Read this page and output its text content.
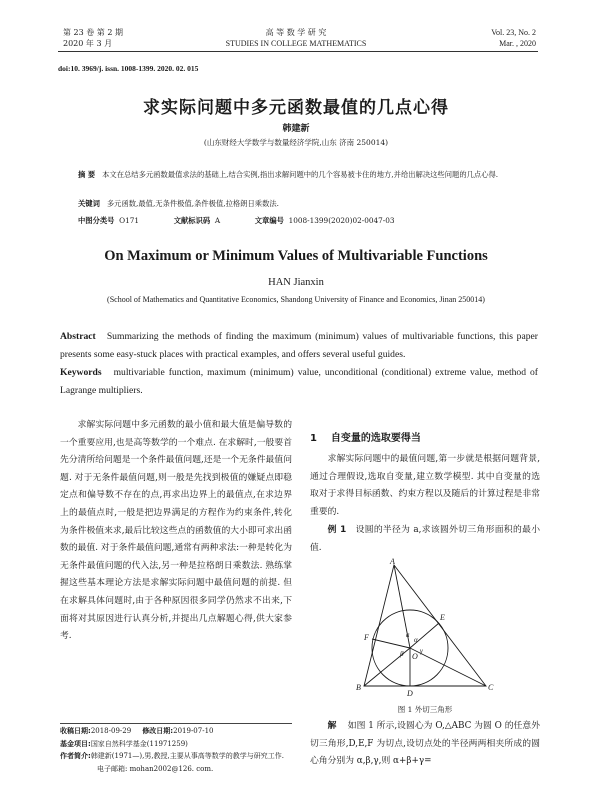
第 23 卷 第 2 期
2020 年 3 月
高 等 数 学 研 究
STUDIES IN COLLEGE MATHEMATICS
Vol. 23, No. 2
Mar. , 2020
doi:10. 3969/j. issn. 1008-1399. 2020. 02. 015
求实际问题中多元函数最值的几点心得
韩建新
(山东财经大学数学与数量经济学院,山东 济南 250014)
摘 要 本文在总结多元函数最值求法的基础上,结合实例,指出求解问题中的几个容易被卡住的地方,并给出解决这些问题的几点心得.
关键词 多元函数,最值,无条件极值,条件极值,拉格朗日乘数法.
中图分类号 O171	文献标识码 A	文章编号 1008-1399(2020)02-0047-03
On Maximum or Minimum Values of Multivariable Functions
HAN Jianxin
(School of Mathematics and Quantitative Economics, Shandong University of Finance and Economics, Jinan 250014)
Abstract Summarizing the methods of finding the maximum (minimum) values of multivariable functions, this paper presents some easy-stuck places with practical examples, and offers several useful guides.
Keywords multivariable function, maximum (minimum) value, unconditional (conditional) extreme value, method of Lagrange multipliers.
求解实际问题中多元函数的最小值和最大值是偏导数的一个重要应用,也是高等数学的一个难点. 在求解时,一般要首先分清所给问题是一个条件最值问题,还是一个无条件最值问题. 对于无条件最值问题,则一般是先找到极值的嫌疑点即稳定点和偏导数不存在的点,再求出边界上的最值点,在求边界上的最值点时,一般是把边界满足的方程作为约束条件,转化为条件极值来求,最后比较这些点的函数值的大小即可求出函数的最值. 对于条件最值问题,通常有两种求法:一种是转化为无条件最值问题的代入法,另一种是拉格朗日乘数法. 熟练掌握这些基本理论方法是求解实际问题中最值问题的前提. 但在求解具体问题时,由于各种原因很多同学仍然求不出来,下面将对其原因进行认真分析,并提出几点解题心得,供大家参考.
收稿日期:2018-09-29 修改日期:2019-07-10
基金项目:国家自然科学基金(11971259)
作者简介:韩建新(1971—),男,教授,主要从事高等数学的教学与研究工作. 电子邮箱: mohan2002@126. com.
1 自变量的选取要得当
求解实际问题中的最值问题,第一步就是根据问题背景,通过合理假设,选取自变量,建立数学模型. 其中自变量的选取对于求得目标函数、约束方程以及随后的计算过程是非常重要的.
例 1 设圆的半径为 a,求该圆外切三角形面积的最小值.
A
B	C
D
E
F
O
α
β γ
a
图 1 外切三角形
解 如图 1 所示,设圆心为 O,△ABC 为圆 O 的任意外切三角形,D,E,F 为切点,设切点处的半径两两相夹所成的圆心角分别为 α,β,γ,则 α+β+γ=
